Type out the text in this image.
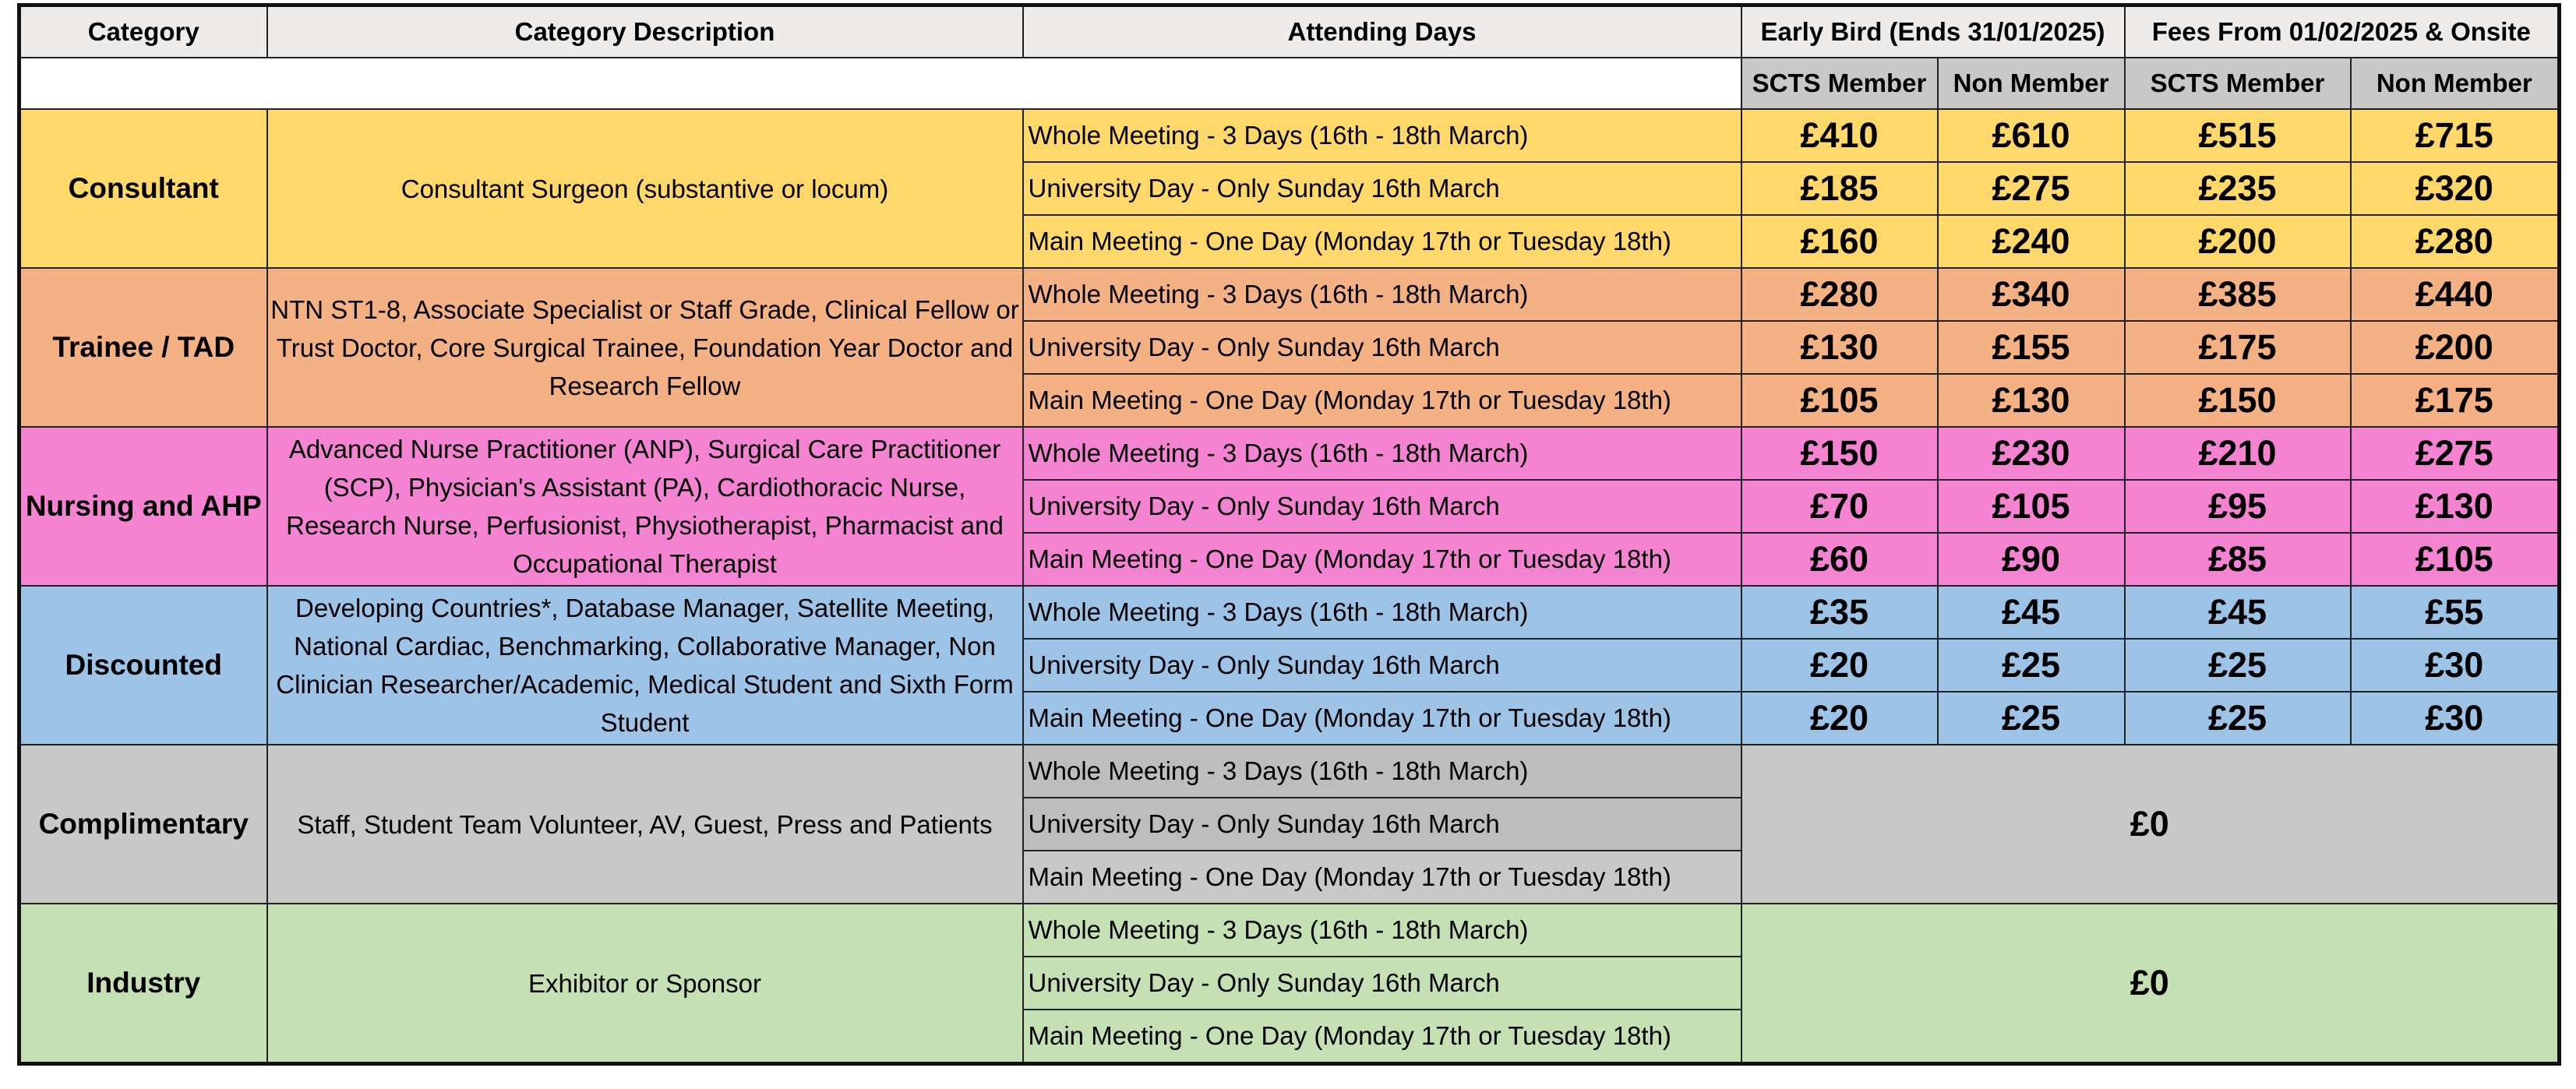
Category	Category Description	Attending Days	Early Bird (Ends 31/01/2025)		Fees From 01/02/2025 & Onsite	
			SCTS Member	Non Member	SCTS Member	Non Member
Consultant	Consultant Surgeon (substantive or locum)	Whole Meeting - 3 Days (16th - 18th March)	£410	£610	£515	£715
		University Day - Only Sunday 16th March	£185	£275	£235	£320
		Main Meeting - One Day (Monday 17th or Tuesday 18th)	£160	£240	£200	£280
Trainee / TAD	NTN ST1-8, Associate Specialist or Staff Grade, Clinical Fellow or Trust Doctor, Core Surgical Trainee, Foundation Year Doctor and Research Fellow	Whole Meeting - 3 Days (16th - 18th March)	£280	£340	£385	£440
		University Day - Only Sunday 16th March	£130	£155	£175	£200
		Main Meeting - One Day (Monday 17th or Tuesday 18th)	£105	£130	£150	£175
Nursing and AHP	Advanced Nurse Practitioner (ANP), Surgical Care Practitioner (SCP), Physician's Assistant (PA), Cardiothoracic Nurse, Research Nurse, Perfusionist, Physiotherapist, Pharmacist and Occupational Therapist	Whole Meeting - 3 Days (16th - 18th March)	£150	£230	£210	£275
		University Day - Only Sunday 16th March	£70	£105	£95	£130
		Main Meeting - One Day (Monday 17th or Tuesday 18th)	£60	£90	£85	£105
Discounted	Developing Countries*, Database Manager, Satellite Meeting, National Cardiac, Benchmarking, Collaborative Manager, Non Clinician Researcher/Academic, Medical Student and Sixth Form Student	Whole Meeting - 3 Days (16th - 18th March)	£35	£45	£45	£55
		University Day - Only Sunday 16th March	£20	£25	£25	£30
		Main Meeting - One Day (Monday 17th or Tuesday 18th)	£20	£25	£25	£30
Complimentary	Staff, Student Team Volunteer, AV, Guest, Press and Patients	Whole Meeting - 3 Days (16th - 18th March)	£0			
		University Day - Only Sunday 16th March				
		Main Meeting - One Day (Monday 17th or Tuesday 18th)				
Industry	Exhibitor or Sponsor	Whole Meeting - 3 Days (16th - 18th March)	£0			
		University Day - Only Sunday 16th March				
		Main Meeting - One Day (Monday 17th or Tuesday 18th)				
